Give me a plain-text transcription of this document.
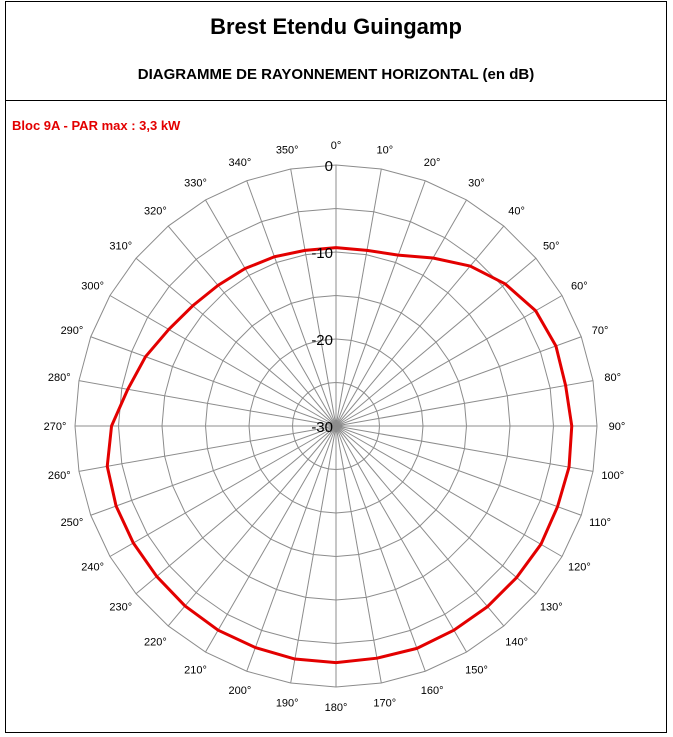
Brest Etendu Guingamp
DIAGRAMME DE RAYONNEMENT HORIZONTAL (en dB)
0
-10
-20
-30
0°	10°
20°
30°
40°
50°
60°
70°
80°
90°
100°
110°
120°
130°
140°
150°
160°
170°
180°
190°
200°
210°
220°
230°
240°
250°
260°
270°
280°
290°
300°
310°
320°
330°
340°
350°
Bloc 9A - PAR max : 3,3 kW
